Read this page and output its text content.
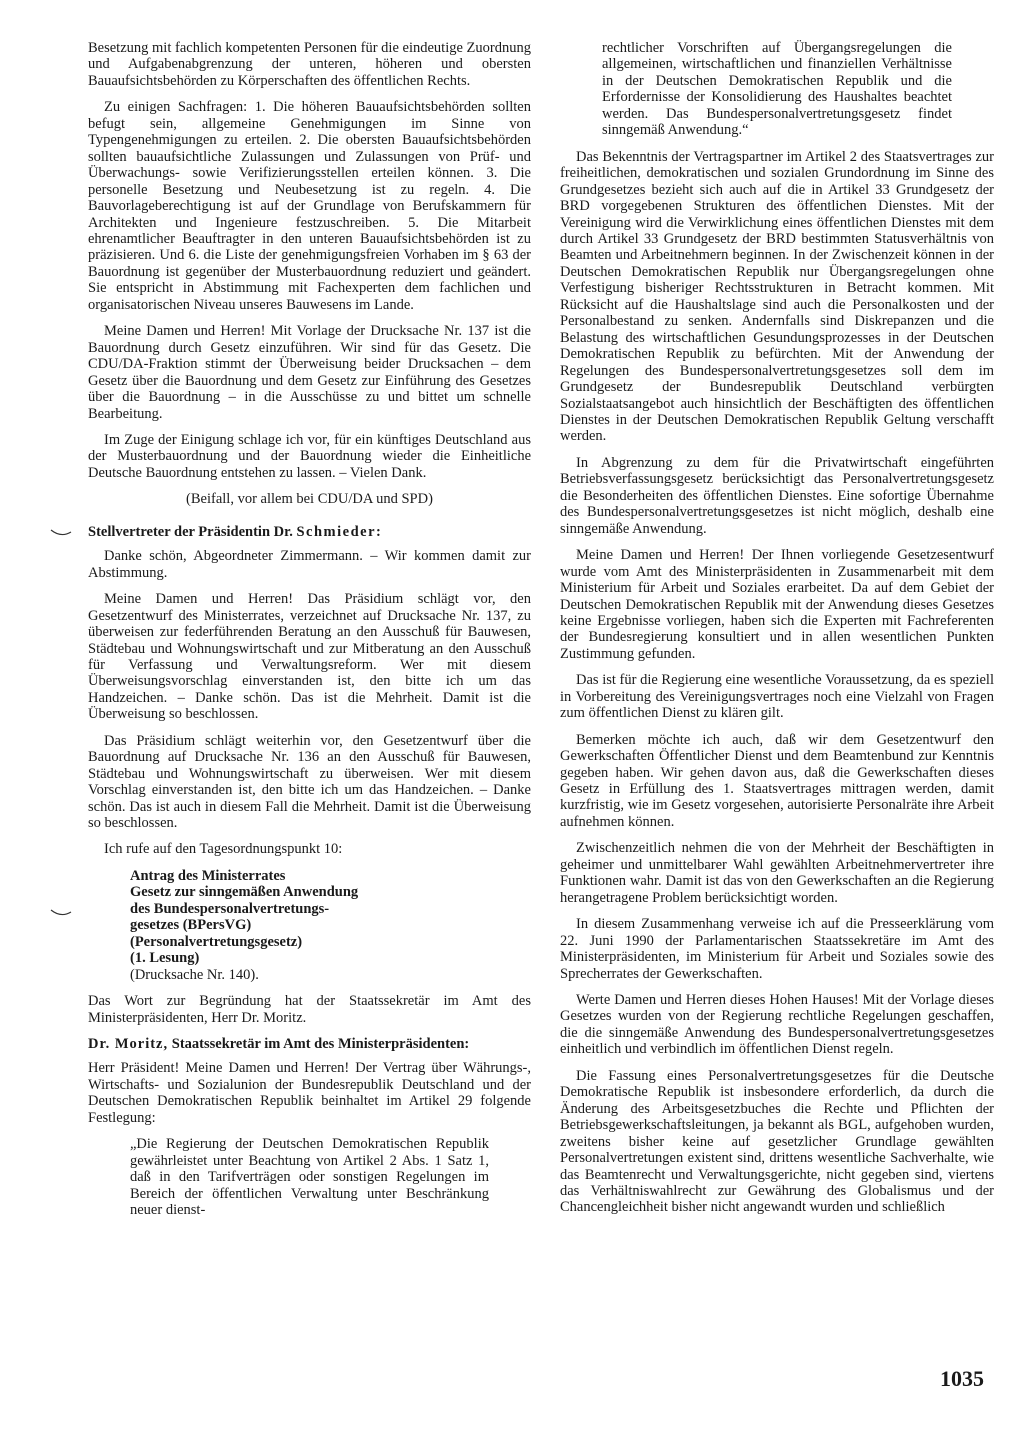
Besetzung mit fachlich kompetenten Personen für die eindeutige Zuordnung und Aufgabenabgrenzung der unteren, höheren und obersten Bauaufsichtsbehörden zu Körperschaften des öffentlichen Rechts.

Zu einigen Sachfragen: 1. Die höheren Bauaufsichtsbehörden sollten befugt sein, allgemeine Genehmigungen im Sinne von Typengenehmigungen zu erteilen. 2. Die obersten Bauaufsichtsbehörden sollten bauaufsichtliche Zulassungen und Zulassungen von Prüf- und Überwachungs- sowie Verifizierungsstellen erteilen können. 3. Die personelle Besetzung und Neubesetzung ist zu regeln. 4. Die Bauvorlageberechtigung ist auf der Grundlage von Berufskammern für Architekten und Ingenieure festzuschreiben. 5. Die Mitarbeit ehrenamtlicher Beauftragter in den unteren Bauaufsichtsbehörden ist zu präzisieren. Und 6. die Liste der genehmigungsfreien Vorhaben im § 63 der Bauordnung ist gegenüber der Musterbauordnung reduziert und geändert. Sie entspricht in Abstimmung mit Fachexperten dem fachlichen und organisatorischen Niveau unseres Bauwesens im Lande.

Meine Damen und Herren! Mit Vorlage der Drucksache Nr. 137 ist die Bauordnung durch Gesetz einzuführen. Wir sind für das Gesetz. Die CDU/DA-Fraktion stimmt der Überweisung beider Drucksachen – dem Gesetz über die Bauordnung und dem Gesetz zur Einführung des Gesetzes über die Bauordnung – in die Ausschüsse zu und bittet um schnelle Bearbeitung.

Im Zuge der Einigung schlage ich vor, für ein künftiges Deutschland aus der Musterbauordnung und der Bauordnung wieder die Einheitliche Deutsche Bauordnung entstehen zu lassen. – Vielen Dank.

(Beifall, vor allem bei CDU/DA und SPD)
Stellvertreter der Präsidentin Dr. Schmieder:

Danke schön, Abgeordneter Zimmermann. – Wir kommen damit zur Abstimmung.

Meine Damen und Herren! Das Präsidium schlägt vor, den Gesetzentwurf des Ministerrates, verzeichnet auf Drucksache Nr. 137, zu überweisen zur federführenden Beratung an den Ausschuß für Bauwesen, Städtebau und Wohnungswirtschaft und zur Mitberatung an den Ausschuß für Verfassung und Verwaltungsreform. Wer mit diesem Überweisungsvorschlag einverstanden ist, den bitte ich um das Handzeichen. – Danke schön. Das ist die Mehrheit. Damit ist die Überweisung so beschlossen.

Das Präsidium schlägt weiterhin vor, den Gesetzentwurf über die Bauordnung auf Drucksache Nr. 136 an den Ausschuß für Bauwesen, Städtebau und Wohnungswirtschaft zu überweisen. Wer mit diesem Vorschlag einverstanden ist, den bitte ich um das Handzeichen. – Danke schön. Das ist auch in diesem Fall die Mehrheit. Damit ist die Überweisung so beschlossen.

Ich rufe auf den Tagesordnungspunkt 10:

Antrag des Ministerrates
Gesetz zur sinngemäßen Anwendung
des Bundespersonalvertretungs-
gesetzes (BPersVG)
(Personalvertretungsgesetz)
(1. Lesung)
(Drucksache Nr. 140).

Das Wort zur Begründung hat der Staatssekretär im Amt des Ministerpräsidenten, Herr Dr. Moritz.

Dr. Moritz, Staatssekretär im Amt des Ministerpräsidenten:

Herr Präsident! Meine Damen und Herren! Der Vertrag über Währungs-, Wirtschafts- und Sozialunion der Bundesrepublik Deutschland und der Deutschen Demokratischen Republik beinhaltet im Artikel 29 folgende Festlegung:

„Die Regierung der Deutschen Demokratischen Republik gewährleistet unter Beachtung von Artikel 2 Abs. 1 Satz 1, daß in den Tarifverträgen oder sonstigen Regelungen im Bereich der öffentlichen Verwaltung unter Beschränkung neuer dienst-
rechtlicher Vorschriften auf Übergangsregelungen die allgemeinen, wirtschaftlichen und finanziellen Verhältnisse in der Deutschen Demokratischen Republik und die Erfordernisse der Konsolidierung des Haushaltes beachtet werden. Das Bundespersonalvertretungsgesetz findet sinngemäß Anwendung.“

Das Bekenntnis der Vertragspartner im Artikel 2 des Staatsvertrages zur freiheitlichen, demokratischen und sozialen Grundordnung im Sinne des Grundgesetzes bezieht sich auch auf die in Artikel 33 Grundgesetz der BRD vorgegebenen Strukturen des öffentlichen Dienstes. Mit der Vereinigung wird die Verwirklichung eines öffentlichen Dienstes mit dem durch Artikel 33 Grundgesetz der BRD bestimmten Statusverhältnis von Beamten und Arbeitnehmern beginnen. In der Zwischenzeit können in der Deutschen Demokratischen Republik nur Übergangsregelungen ohne Verfestigung bisheriger Rechtsstrukturen in Betracht kommen. Mit Rücksicht auf die Haushaltslage sind auch die Personalkosten und der Personalbestand zu senken. Andernfalls sind Diskrepanzen und die Belastung des wirtschaftlichen Gesundungsprozesses in der Deutschen Demokratischen Republik zu befürchten. Mit der Anwendung der Regelungen des Bundespersonalvertretungsgesetzes soll dem im Grundgesetz der Bundesrepublik Deutschland verbürgten Sozialstaatsangebot auch hinsichtlich der Beschäftigten des öffentlichen Dienstes in der Deutschen Demokratischen Republik Geltung verschafft werden.

In Abgrenzung zu dem für die Privatwirtschaft eingeführten Betriebsverfassungsgesetz berücksichtigt das Personalvertretungsgesetz die Besonderheiten des öffentlichen Dienstes. Eine sofortige Übernahme des Bundespersonalvertretungsgesetzes ist nicht möglich, deshalb eine sinngemäße Anwendung.

Meine Damen und Herren! Der Ihnen vorliegende Gesetzesentwurf wurde vom Amt des Ministerpräsidenten in Zusammenarbeit mit dem Ministerium für Arbeit und Soziales erarbeitet. Da auf dem Gebiet der Deutschen Demokratischen Republik mit der Anwendung dieses Gesetzes keine Ergebnisse vorliegen, haben sich die Experten mit Fachreferenten der Bundesregierung konsultiert und in allen wesentlichen Punkten Zustimmung gefunden.

Das ist für die Regierung eine wesentliche Voraussetzung, da es speziell in Vorbereitung des Vereinigungsvertrages noch eine Vielzahl von Fragen zum öffentlichen Dienst zu klären gilt.

Bemerken möchte ich auch, daß wir dem Gesetzentwurf den Gewerkschaften Öffentlicher Dienst und dem Beamtenbund zur Kenntnis gegeben haben. Wir gehen davon aus, daß die Gewerkschaften dieses Gesetz in Erfüllung des 1. Staatsvertrages mittragen werden, damit kurzfristig, wie im Gesetz vorgesehen, autorisierte Personalräte ihre Arbeit aufnehmen können.

Zwischenzeitlich nehmen die von der Mehrheit der Beschäftigten in geheimer und unmittelbarer Wahl gewählten Arbeitnehmervertreter ihre Funktionen wahr. Damit ist das von den Gewerkschaften an die Regierung herangetragene Problem berücksichtigt worden.

In diesem Zusammenhang verweise ich auf die Presseerklärung vom 22. Juni 1990 der Parlamentarischen Staatssekretäre im Amt des Ministerpräsidenten, im Ministerium für Arbeit und Soziales sowie des Sprecherrates der Gewerkschaften.

Werte Damen und Herren dieses Hohen Hauses! Mit der Vorlage dieses Gesetzes wurden von der Regierung rechtliche Regelungen geschaffen, die die sinngemäße Anwendung des Bundespersonalvertretungsgesetzes einheitlich und verbindlich im öffentlichen Dienst regeln.

Die Fassung eines Personalvertretungsgesetzes für die Deutsche Demokratische Republik ist insbesondere erforderlich, da durch die Änderung des Arbeitsgesetzbuches die Rechte und Pflichten der Betriebsgewerkschaftsleitungen, ja bekannt als BGL, aufgehoben wurden, zweitens bisher keine auf gesetzlicher Grundlage gewählten Personalvertretungen existent sind, drittens wesentliche Sachverhalte, wie das Beamtenrecht und Verwaltungsgerichte, nicht gegeben sind, viertens das Verhältniswahlrecht zur Gewährung des Globalismus und der Chancengleichheit bisher nicht angewandt wurden und schließlich

1035
